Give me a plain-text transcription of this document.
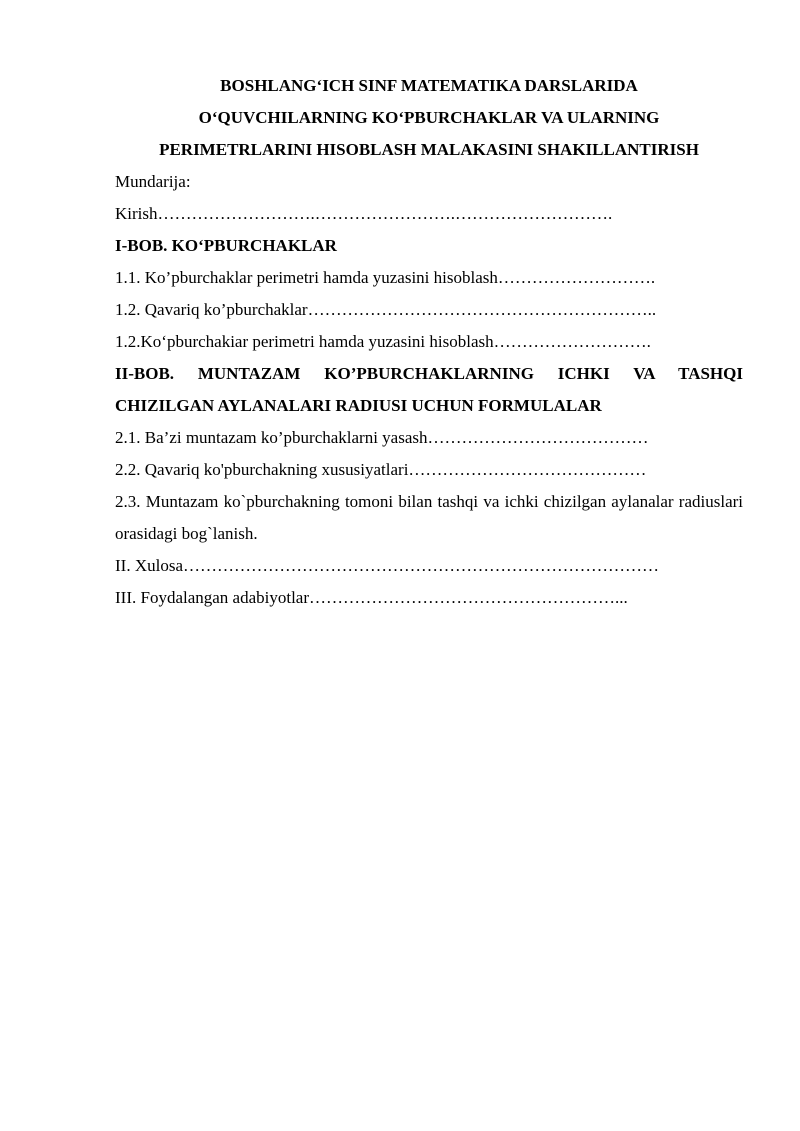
BOSHLANG‘ICH SINF MATEMATIKA DARSLARIDA
O‘QUVCHILARNING KO‘PBURCHAKLAR VA ULARNING
PERIMETRLARINI HISOBLASH MALAKASINI SHAKILLANTIRISH

Mundarija:

Kirish……………………….…………………….……………………….

I-BOB. KO‘PBURCHAKLAR

1.1. Ko’pburchaklar perimetri hamda yuzasini hisoblash……………………….

1.2. Qavariq ko’pburchaklar……………………………………………………..

1.2.Ko‘pburchakiar perimetri hamda yuzasini hisoblash……………………….

II-BOB. MUNTAZAM KO’PBURCHAKLARNING ICHKI VA TASHQI CHIZILGAN AYLANALARI RADIUSI UCHUN FORMULALAR

2.1. Ba’zi muntazam ko’pburchaklarni yasash…………………………………

2.2. Qavariq ko'pburchakning xususiyatlari……………………………………

2.3. Muntazam ko`pburchakning tomoni bilan tashqi va ichki chizilgan aylanalar radiuslari orasidagi bog`lanish.

II. Xulosa…………………………………………………………………………

III. Foydalangan adabiyotlar………………………………………………...
